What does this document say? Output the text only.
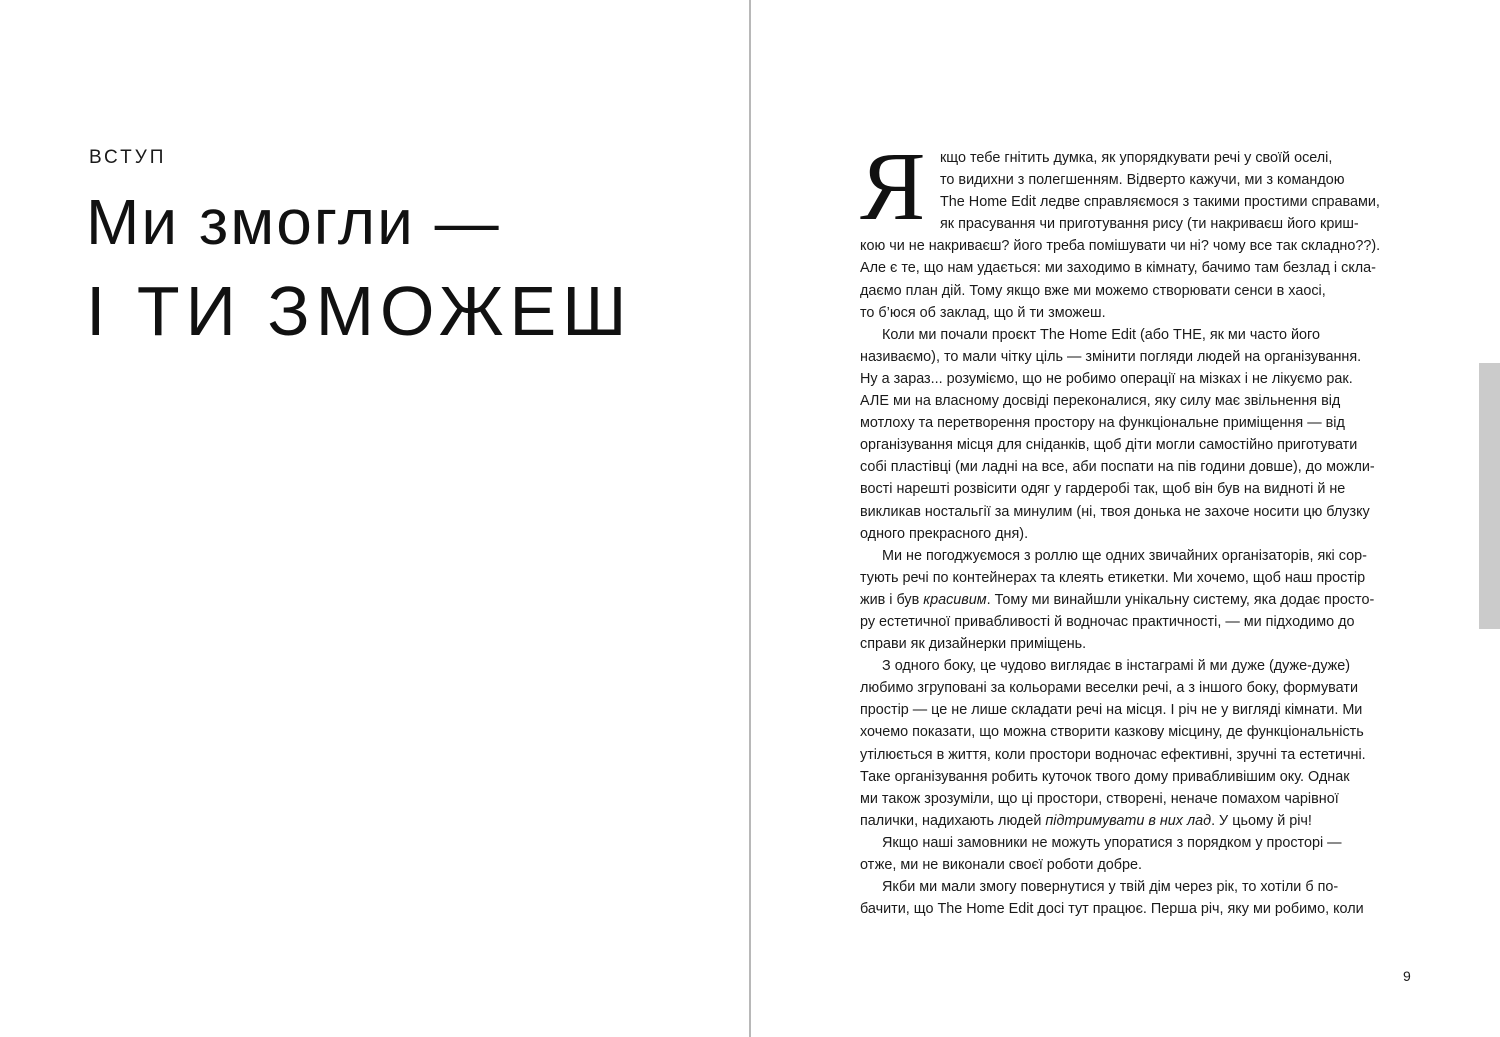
ВСТУП
Ми змогли —
І ТИ ЗМОЖЕШ
Я	кщо тебе гнітить думка, як упорядкувати речі у своїй оселі,
то видихни з полегшенням. Відверто кажучи, ми з командою
The Home Edit ледве справляємося з такими простими справами,
як прасування чи приготування рису (ти накриваєш його криш-
кою чи не накриваєш? його треба помішувати чи ні? чому все так складно??).
Але є те, що нам удається: ми заходимо в кімнату, бачимо там безлад і скла-
даємо план дій. Тому якщо вже ми можемо створювати сенси в хаосі,
то б’юся об заклад, що й ти зможеш.
Коли ми почали проєкт The Home Edit (або THE, як ми часто його
називаємо), то мали чітку ціль — змінити погляди людей на організування.
Ну а зараз... розуміємо, що не робимо операції на мізках і не лікуємо рак.
АЛЕ ми на власному досвіді переконалися, яку силу має звільнення від
мотлоху та перетворення простору на функціональне приміщення — від
організування місця для сніданків, щоб діти могли самостійно приготувати
собі пластівці (ми ладні на все, аби поспати на пів години довше), до можли-
вості нарешті розвісити одяг у гардеробі так, щоб він був на видноті й не
викликав ностальгії за минулим (ні, твоя донька не захоче носити цю блузку
одного прекрасного дня).
Ми не погоджуємося з роллю ще одних звичайних організаторів, які сор-
тують речі по контейнерах та клеять етикетки. Ми хочемо, щоб наш простір
жив і був красивим. Тому ми винайшли унікальну систему, яка додає просто-
ру естетичної привабливості й водночас практичності, — ми підходимо до
справи як дизайнерки приміщень.
З одного боку, це чудово виглядає в інстаграмі й ми дуже (дуже-дуже)
любимо згруповані за кольорами веселки речі, а з іншого боку, формувати
простір — це не лише складати речі на місця. І річ не у вигляді кімнати. Ми
хочемо показати, що можна створити казкову місцину, де функціональність
утілюється в життя, коли простори водночас ефективні, зручні та естетичні.
Таке організування робить куточок твого дому привабливішим оку. Однак
ми також зрозуміли, що ці простори, створені, неначе помахом чарівної
палички, надихають людей підтримувати в них лад. У цьому й річ!
Якщо наші замовники не можуть упоратися з порядком у просторі —
отже, ми не виконали своєї роботи добре.
Якби ми мали змогу повернутися у твій дім через рік, то хотіли б по-
бачити, що The Home Edit досі тут працює. Перша річ, яку ми робимо, коли
9
